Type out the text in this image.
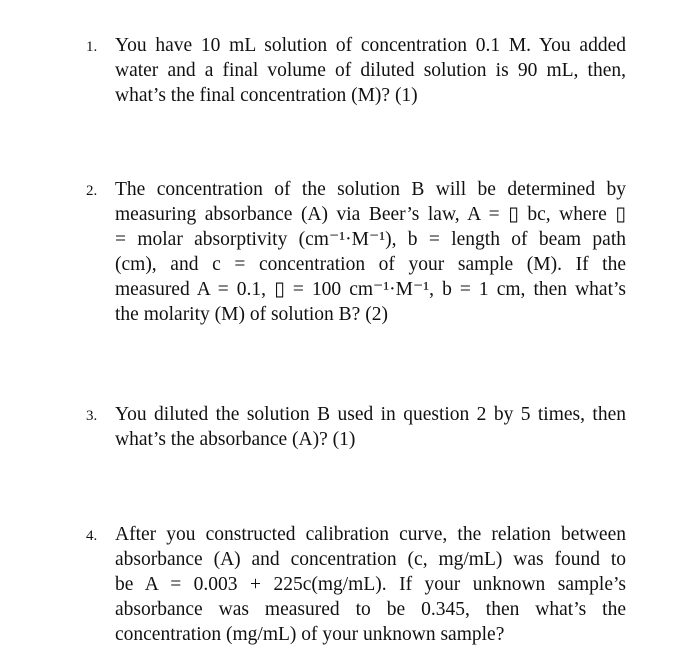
1. You have 10 mL solution of concentration 0.1 M. You added
water and a final volume of diluted solution is 90 mL, then,
what’s the final concentration (M)? (1)
2. The concentration of the solution B will be determined by
measuring absorbance (A) via Beer’s law, A = ▯ bc, where ▯
= molar absorptivity (cm⁻¹·M⁻¹), b = length of beam path
(cm), and c = concentration of your sample (M). If the
measured A = 0.1, ▯ = 100 cm⁻¹·M⁻¹, b = 1 cm, then what’s
the molarity (M) of solution B? (2)
3. You diluted the solution B used in question 2 by 5 times, then
what’s the absorbance (A)? (1)
4. After you constructed calibration curve, the relation between
absorbance (A) and concentration (c, mg/mL) was found to
be A = 0.003 + 225c(mg/mL). If your unknown sample’s
absorbance was measured to be 0.345, then what’s the
concentration (mg/mL) of your unknown sample?
